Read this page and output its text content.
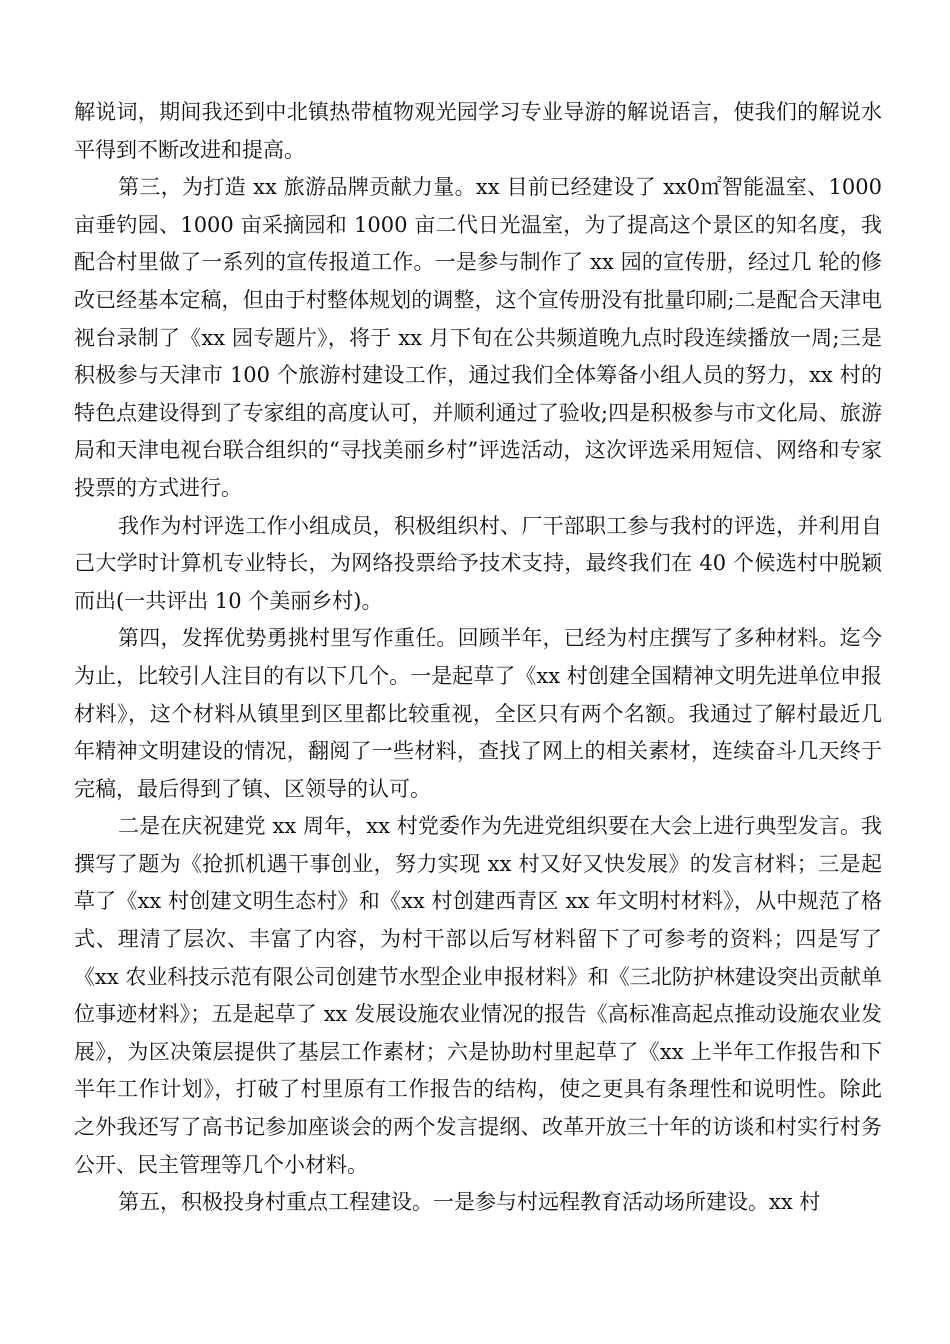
解说词，期间我还到中北镇热带植物观光园学习专业导游的解说语言，使我们的解说水平得到不断改进和提高。

第三，为打造 xx 旅游品牌贡献力量。xx 目前已经建设了 xx0㎡智能温室、1000 亩垂钓园、1000 亩采摘园和 1000 亩二代日光温室，为了提高这个景区的知名度，我配合村里做了一系列的宣传报道工作。一是参与制作了 xx 园的宣传册，经过几 轮的修改已经基本定稿，但由于村整体规划的调整，这个宣传册没有批量印刷;二是配合天津电视台录制了《xx 园专题片》，将于 xx 月下旬在公共频道晚九点时段连续播放一周;三是积极参与天津市 100 个旅游村建设工作，通过我们全体筹备小组人员的努力，xx 村的特色点建设得到了专家组的高度认可，并顺利通过了验收;四是积极参与市文化局、旅游局和天津电视台联合组织的“寻找美丽乡村”评选活动，这次评选采用短信、网络和专家投票的方式进行。

我作为村评选工作小组成员，积极组织村、厂干部职工参与我村的评选，并利用自己大学时计算机专业特长，为网络投票给予技术支持，最终我们在 40 个候选村中脱颖而出(一共评出 10 个美丽乡村)。

第四，发挥优势勇挑村里写作重任。回顾半年，已经为村庄撰写了多种材料。迄今为止，比较引人注目的有以下几个。一是起草了《xx 村创建全国精神文明先进单位申报材料》，这个材料从镇里到区里都比较重视，全区只有两个名额。我通过了解村最近几年精神文明建设的情况，翻阅了一些材料，查找了网上的相关素材，连续奋斗几天终于完稿，最后得到了镇、区领导的认可。

二是在庆祝建党 xx 周年，xx 村党委作为先进党组织要在大会上进行典型发言。我撰写了题为《抢抓机遇干事创业，努力实现 xx 村又好又快发展》的发言材料；三是起草了《xx 村创建文明生态村》和《xx 村创建西青区 xx 年文明村材料》，从中规范了格式、理清了层次、丰富了内容，为村干部以后写材料留下了可参考的资料；四是写了《xx 农业科技示范有限公司创建节水型企业申报材料》和《三北防护林建设突出贡献单位事迹材料》；五是起草了 xx 发展设施农业情况的报告《高标准高起点推动设施农业发展》，为区决策层提供了基层工作素材；六是协助村里起草了《xx 上半年工作报告和下半年工作计划》，打破了村里原有工作报告的结构，使之更具有条理性和说明性。除此之外我还写了高书记参加座谈会的两个发言提纲、改革开放三十年的访谈和村实行村务公开、民主管理等几个小材料。

第五，积极投身村重点工程建设。一是参与村远程教育活动场所建设。xx 村
